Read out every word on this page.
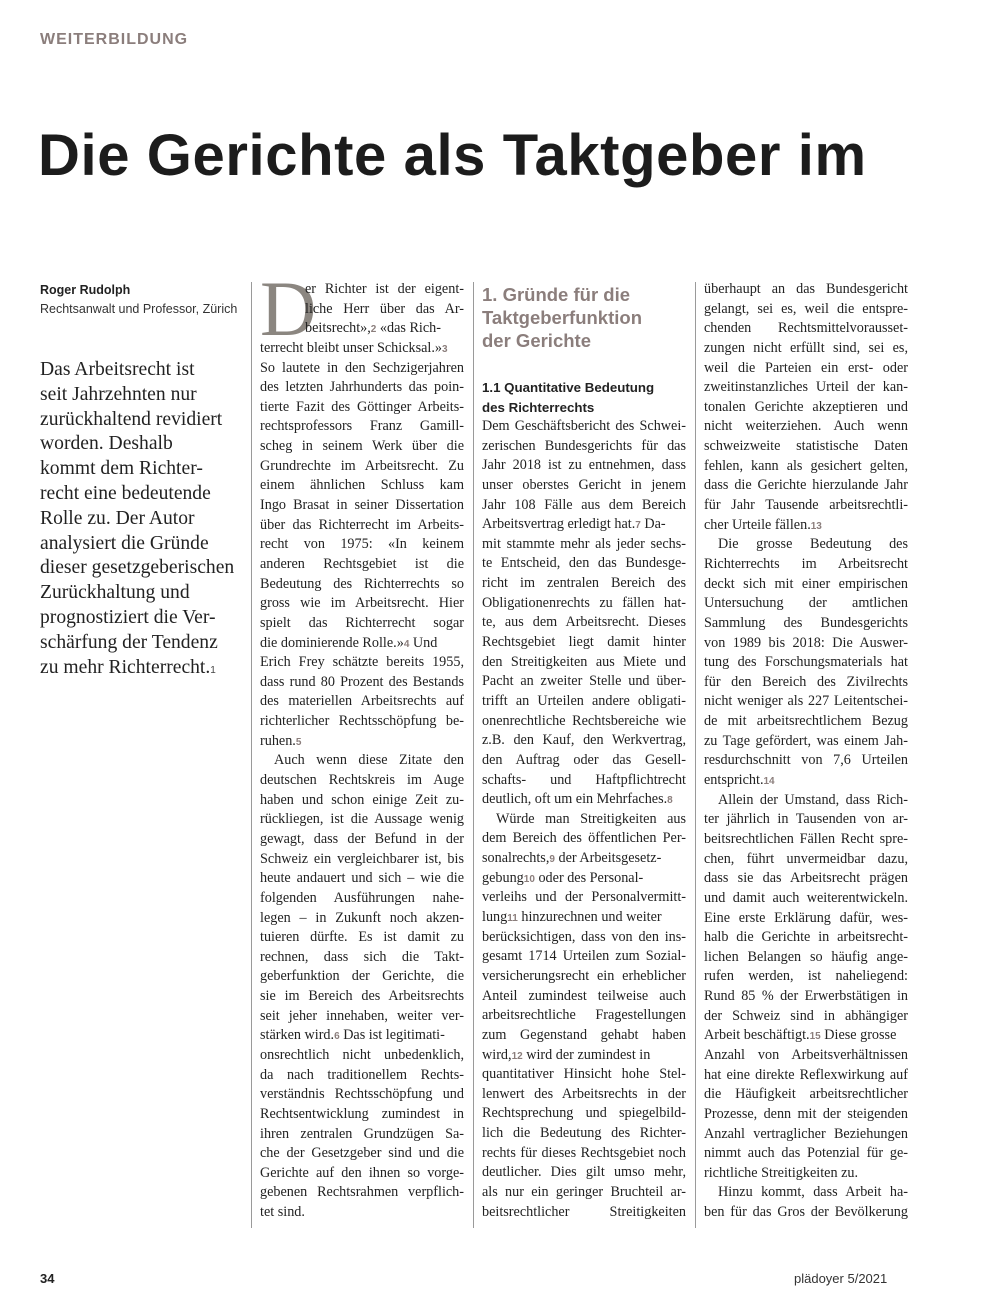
WEITERBILDUNG
Die Gerichte als Taktgeber im
Roger Rudolph
Rechtsanwalt und Professor, Zürich
Das Arbeitsrecht ist
seit Jahrzehnten nur
zurückhaltend revidiert
worden. Deshalb
kommt dem Richter-
recht eine bedeutende
Rolle zu. Der Autor
analysiert die Gründe
dieser gesetzgeberischen
Zurückhaltung und
prognostiziert die Ver-
schärfung der Tendenz
zu mehr Richterrecht.1
D
er Richter ist der eigent-
liche Herr über das Ar-
beitsrecht»,2 «das Rich-
terrecht bleibt unser Schicksal.»3
So lautete in den Sechzigerjahren
des letzten Jahrhunderts das poin-
tierte Fazit des Göttinger Arbeits-
rechtsprofessors Franz Gamill-
scheg in seinem Werk über die
Grundrechte im Arbeitsrecht. Zu
einem ähnlichen Schluss kam
Ingo Brasat in seiner Dissertation
über das Richterrecht im Arbeits-
recht von 1975: «In keinem
anderen Rechtsgebiet ist die
Bedeutung des Richterrechts so
gross wie im Arbeitsrecht. Hier
spielt das Richterrecht sogar
die dominierende Rolle.»4 Und
Erich Frey schätzte bereits 1955,
dass rund 80 Prozent des Bestands
des materiellen Arbeitsrechts auf
richterlicher Rechtsschöpfung be-
ruhen.5
Auch wenn diese Zitate den
deutschen Rechtskreis im Auge
haben und schon einige Zeit zu-
rückliegen, ist die Aussage wenig
gewagt, dass der Befund in der
Schweiz ein vergleichbarer ist, bis
heute andauert und sich – wie die
folgenden Ausführungen nahe-
legen – in Zukunft noch akzen-
tuieren dürfte. Es ist damit zu
rechnen, dass sich die Takt-
geberfunktion der Gerichte, die
sie im Bereich des Arbeitsrechts
seit jeher innehaben, weiter ver-
stärken wird.6 Das ist legitimati-
onsrechtlich nicht unbedenklich,
da nach traditionellem Rechts-
verständnis Rechtsschöpfung und
Rechtsentwicklung zumindest in
ihren zentralen Grundzügen Sa-
che der Gesetzgeber sind und die
Gerichte auf den ihnen so vorge-
gebenen Rechtsrahmen verpflich-
tet sind.
1. Gründe für die
Taktgeberfunktion
der Gerichte
1.1 Quantitative Bedeutung
des Richterrechts
Dem Geschäftsbericht des Schwei-
zerischen Bundesgerichts für das
Jahr 2018 ist zu entnehmen, dass
unser oberstes Gericht in jenem
Jahr 108 Fälle aus dem Bereich
Arbeitsvertrag erledigt hat.7 Da-
mit stammte mehr als jeder sechs-
te Entscheid, den das Bundesge-
richt im zentralen Bereich des
Obligationenrechts zu fällen hat-
te, aus dem Arbeitsrecht. Dieses
Rechtsgebiet liegt damit hinter
den Streitigkeiten aus Miete und
Pacht an zweiter Stelle und über-
trifft an Urteilen andere obligati-
onenrechtliche Rechtsbereiche wie
z.B. den Kauf, den Werkvertrag,
den Auftrag oder das Gesell-
schafts- und Haftpflichtrecht
deutlich, oft um ein Mehrfaches.8
Würde man Streitigkeiten aus
dem Bereich des öffentlichen Per-
sonalrechts,9 der Arbeitsgesetz-
gebung10 oder des Personal-
verleihs und der Personalvermitt-
lung11 hinzurechnen und weiter
berücksichtigen, dass von den ins-
gesamt 1714 Urteilen zum Sozial-
versicherungsrecht ein erheblicher
Anteil zumindest teilweise auch
arbeitsrechtliche Fragestellungen
zum Gegenstand gehabt haben
wird,12 wird der zumindest in
quantitativer Hinsicht hohe Stel-
lenwert des Arbeitsrechts in der
Rechtsprechung und spiegelbild-
lich die Bedeutung des Richter-
rechts für dieses Rechtsgebiet noch
deutlicher. Dies gilt umso mehr,
als nur ein geringer Bruchteil ar-
beitsrechtlicher Streitigkeiten
überhaupt an das Bundesgericht
gelangt, sei es, weil die entspre-
chenden Rechtsmittelvorausset-
zungen nicht erfüllt sind, sei es,
weil die Parteien ein erst- oder
zweitinstanzliches Urteil der kan-
tonalen Gerichte akzeptieren und
nicht weiterziehen. Auch wenn
schweizweite statistische Daten
fehlen, kann als gesichert gelten,
dass die Gerichte hierzulande Jahr
für Jahr Tausende arbeitsrechtli-
cher Urteile fällen.13
Die grosse Bedeutung des
Richterrechts im Arbeitsrecht
deckt sich mit einer empirischen
Untersuchung der amtlichen
Sammlung des Bundesgerichts
von 1989 bis 2018: Die Auswer-
tung des Forschungsmaterials hat
für den Bereich des Zivilrechts
nicht weniger als 227 Leitentschei-
de mit arbeitsrechtlichem Bezug
zu Tage gefördert, was einem Jah-
resdurchschnitt von 7,6 Urteilen
entspricht.14
Allein der Umstand, dass Rich-
ter jährlich in Tausenden von ar-
beitsrechtlichen Fällen Recht spre-
chen, führt unvermeidbar dazu,
dass sie das Arbeitsrecht prägen
und damit auch weiterentwickeln.
Eine erste Erklärung dafür, wes-
halb die Gerichte in arbeitsrecht-
lichen Belangen so häufig ange-
rufen werden, ist naheliegend:
Rund 85 % der Erwerbstätigen in
der Schweiz sind in abhängiger
Arbeit beschäftigt.15 Diese grosse
Anzahl von Arbeitsverhältnissen
hat eine direkte Reflexwirkung auf
die Häufigkeit arbeitsrechtlicher
Prozesse, denn mit der steigenden
Anzahl vertraglicher Beziehungen
nimmt auch das Potenzial für ge-
richtliche Streitigkeiten zu.
Hinzu kommt, dass Arbeit ha-
ben für das Gros der Bevölkerung
34	plädoyer 5/2021
